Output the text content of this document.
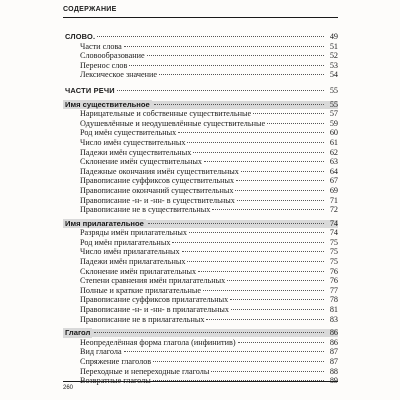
СОДЕРЖАНИЕ
СЛОВО.	49
Части слова	51
Словообразование	52
Перенос слов	53
Лексическое значение	54
ЧАСТИ РЕЧИ	55
Имя существительное	55
Нарицательные и собственные существительные	57
Одушевлённые и неодушевлённые существительные	59
Род имён существительных	60
Число имён существительных	61
Падежи имён существительных	62
Склонение имён существительных	63
Падежные окончания имён существительных	64
Правописание суффиксов существительных	67
Правописание окончаний существительных	69
Правописание -н- и -нн- в существительных	71
Правописание не в существительных	72
Имя прилагательное	74
Разряды имён прилагательных	74
Род имён прилагательных	75
Число имён прилагательных	75
Падежи имён прилагательных	75
Склонение имён прилагательных	76
Степени сравнения имён прилагательных	76
Полные и краткие прилагательные	77
Правописание суффиксов прилагательных	78
Правописание -н- и -нн- в прилагательных	81
Правописание не в прилагательных	83
Глагол	86
Неопределённая форма глагола (инфинитив)	86
Вид глагола	87
Спряжение глаголов	87
Переходные и непереходные глаголы	88
260
